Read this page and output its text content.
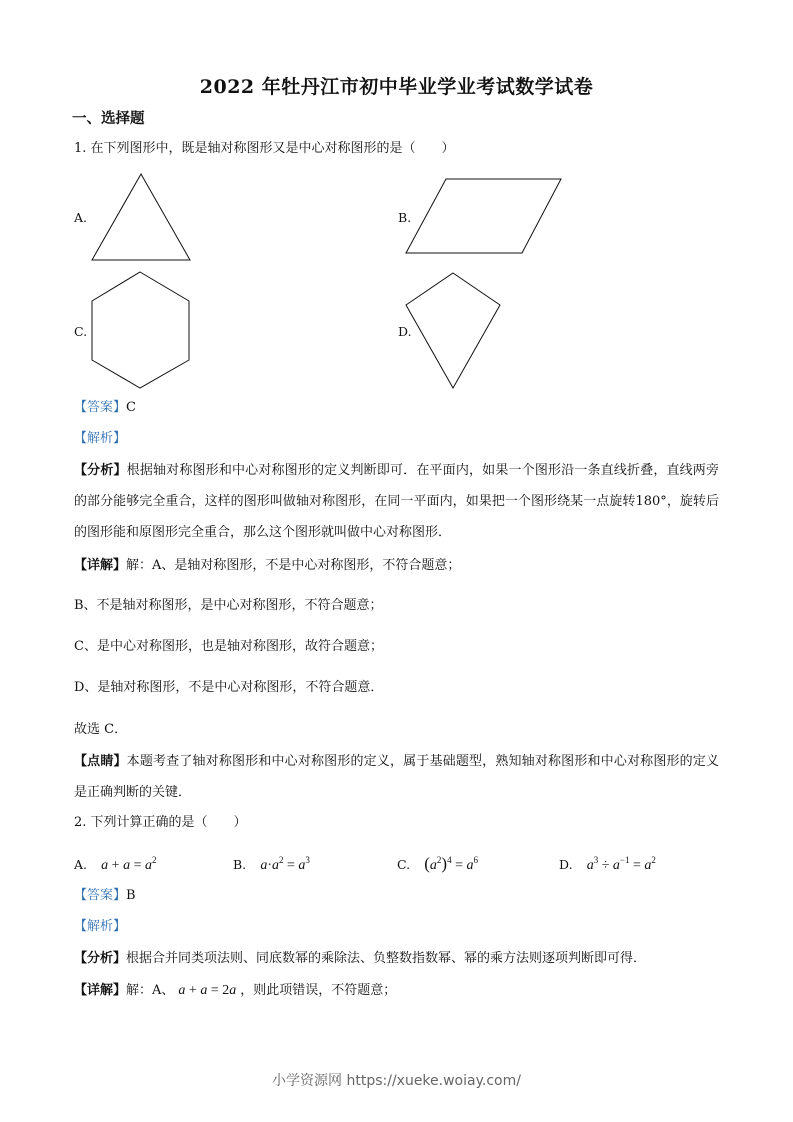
2022 年牡丹江市初中毕业学业考试数学试卷
一、选择题
1. 在下列图形中，既是轴对称图形又是中心对称图形的是（　　）
A.	B.
C.	D.
【答案】C
【解析】
【分析】根据轴对称图形和中心对称图形的定义判断即可．在平面内，如果一个图形沿一条直线折叠，直线两旁的部分能够完全重合，这样的图形叫做轴对称图形，在同一平面内，如果把一个图形绕某一点旋转180°，旋转后的图形能和原图形完全重合，那么这个图形就叫做中心对称图形．
【详解】解：A、是轴对称图形，不是中心对称图形，不符合题意；
B、不是轴对称图形，是中心对称图形，不符合题意；
C、是中心对称图形，也是轴对称图形，故符合题意；
D、是轴对称图形，不是中心对称图形，不符合题意．
故选 C．
【点睛】本题考查了轴对称图形和中心对称图形的定义，属于基础题型，熟知轴对称图形和中心对称图形的定义是正确判断的关键．
2. 下列计算正确的是（　　）
A. $a + a = a^2$	B. $a\cdot a^2 = a^3$	C. $(a^2)^4 = a^6$	D. $a^3 \div a^{-1} = a^2$
【答案】B
【解析】
【分析】根据合并同类项法则、同底数幂的乘除法、负整数指数幂、幂的乘方法则逐项判断即可得．
【详解】解：A、 a + a = 2a ，则此项错误，不符题意；
小学资源网 https://xueke.woiay.com/
